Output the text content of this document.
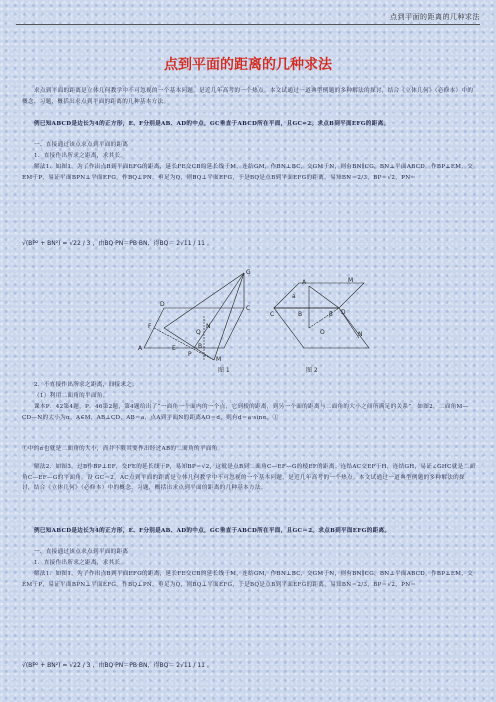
点到平面的距离的几种求法
点到平面的距离的几种求法

求点到平面的距离是立体几何教学中不可忽视的一个基本问题，是近几年高考的一个热点。本文试通过一道典型例题的多种解法的探讨，结合《立体几何》（必修本）中的概念、习题，概括出求点到平面的距离的几种基本方法。

例已知ABCD是边长为4的正方形，E、F分别是AB、AD的中点，GC垂直于ABCD所在平面，且GC=2。求点B到平面EFG的距离。

一、直接通过该点求点到平面的距离

1．直接作出所求之距离，求其长。

解法1．如图1，为了作出点B到平面EFG的距离，延长FE交CB的延长线于M，连结GM，作BN⊥BC，交GM于N，则有BN∥CG，BN⊥平面ABCD。作BP⊥EM，交EM于P，易证平面BPN⊥平面EFG，作BQ⊥PN，垂足为Q，则BQ⊥平面EFG，于是BQ是点B到平面EFG的距离。易知BN＝2/3，BP＝√2，PN＝

√(BP² + BN²) = √22 / 3 ，由BQ·PN＝PB·BN，得BQ＝ 2√11 / 11 。
G
D
C
F	N
Q
A	E	B
P
M
A	M
a
C	B	D
O	N
β
图 1	图 2

2．不直接作出所求之距离，间接求之。

（1）利用二面角的平面角。

课本P．42第4题，P．46第2题，第4题给出了“一面角一个面内的一个点，它到棱的距离，到另一个面的距离与二面角的大小之间所满足的关系”。如图2，二面角M—CD—N的大小为α，A∈M，AB⊥CD，AB＝a，点A到平面N的距离AO＝d，则有d＝a·sinα。①

①中的α也就是二面角的大小，而并不限其要作出经过AB的二面角的平面角。

解法2．如图3，过B作BP⊥EF，交FE的延长线于P，易知BP＝√2，这就是点B到二面角C—EF—G的棱EF的距离。连结AC交EF于H，连结GH，易证∠GHC就是二面角C—EF—G的平面角。设 GC＝2，AC点到平面的距离是立体几何教学中不可忽视的一个基本问题，是近几年高考的一个热点。本文试通过一道典型例题的多种解法的探讨，结合《立体几何》（必修本）中的概念、习题，概括出求点到平面的距离的几种基本方法。

例已知ABCD是边长为4的正方形，E、F分别是AB、AD的中点，GC垂直于ABCD所在平面，且GC＝2。求点B到平面EFG的距离。

一、直接通过该点求点到平面的距离

1．直接作出所求之距离，求其长。

解法1．如图1，为了作出点B到平面EFG的距离，延长FE交CB的延长线于M，连结GM，作BN⊥BC，交GM于N，则有BN∥CG，BN⊥平面ABCD。作BP⊥EM，交EM于P，易证平面BPN⊥平面EFG，作BQ⊥PN，垂足为Q，则BQ⊥平面EFG，于是BQ是点B到平面EFG的距离。易知BN＝2/3，BP＝√2，PN＝

√(BP² + BN²) = √22 / 3 ，由BQ·PN＝PB·BN，得BQ＝ 2√11 / 11 。
